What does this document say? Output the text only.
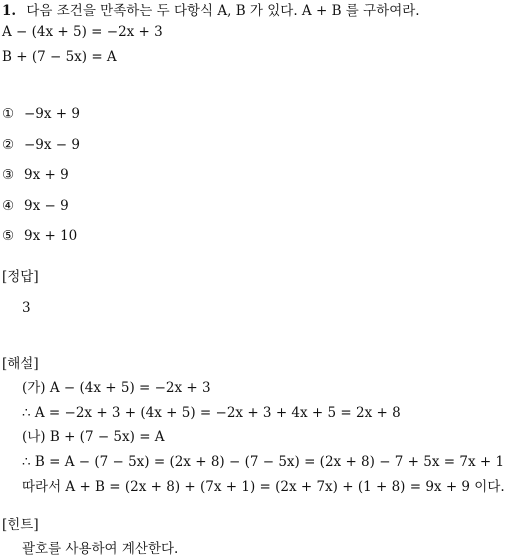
1. 다음 조건을 만족하는 두 다항식 A, B 가 있다. A + B 를 구하여라.
A − (4x + 5) = −2x + 3
B + (7 − 5x) = A
① −9x + 9
② −9x − 9
③ 9x + 9
④ 9x − 9
⑤ 9x + 10
[정답]
3
[해설]
(가) A − (4x + 5) = −2x + 3
∴ A = −2x + 3 + (4x + 5) = −2x + 3 + 4x + 5 = 2x + 8
(나) B + (7 − 5x) = A
∴ B = A − (7 − 5x) = (2x + 8) − (7 − 5x) = (2x + 8) − 7 + 5x = 7x + 1
따라서 A + B = (2x + 8) + (7x + 1) = (2x + 7x) + (1 + 8) = 9x + 9 이다.
[힌트]
괄호를 사용하여 계산한다.
